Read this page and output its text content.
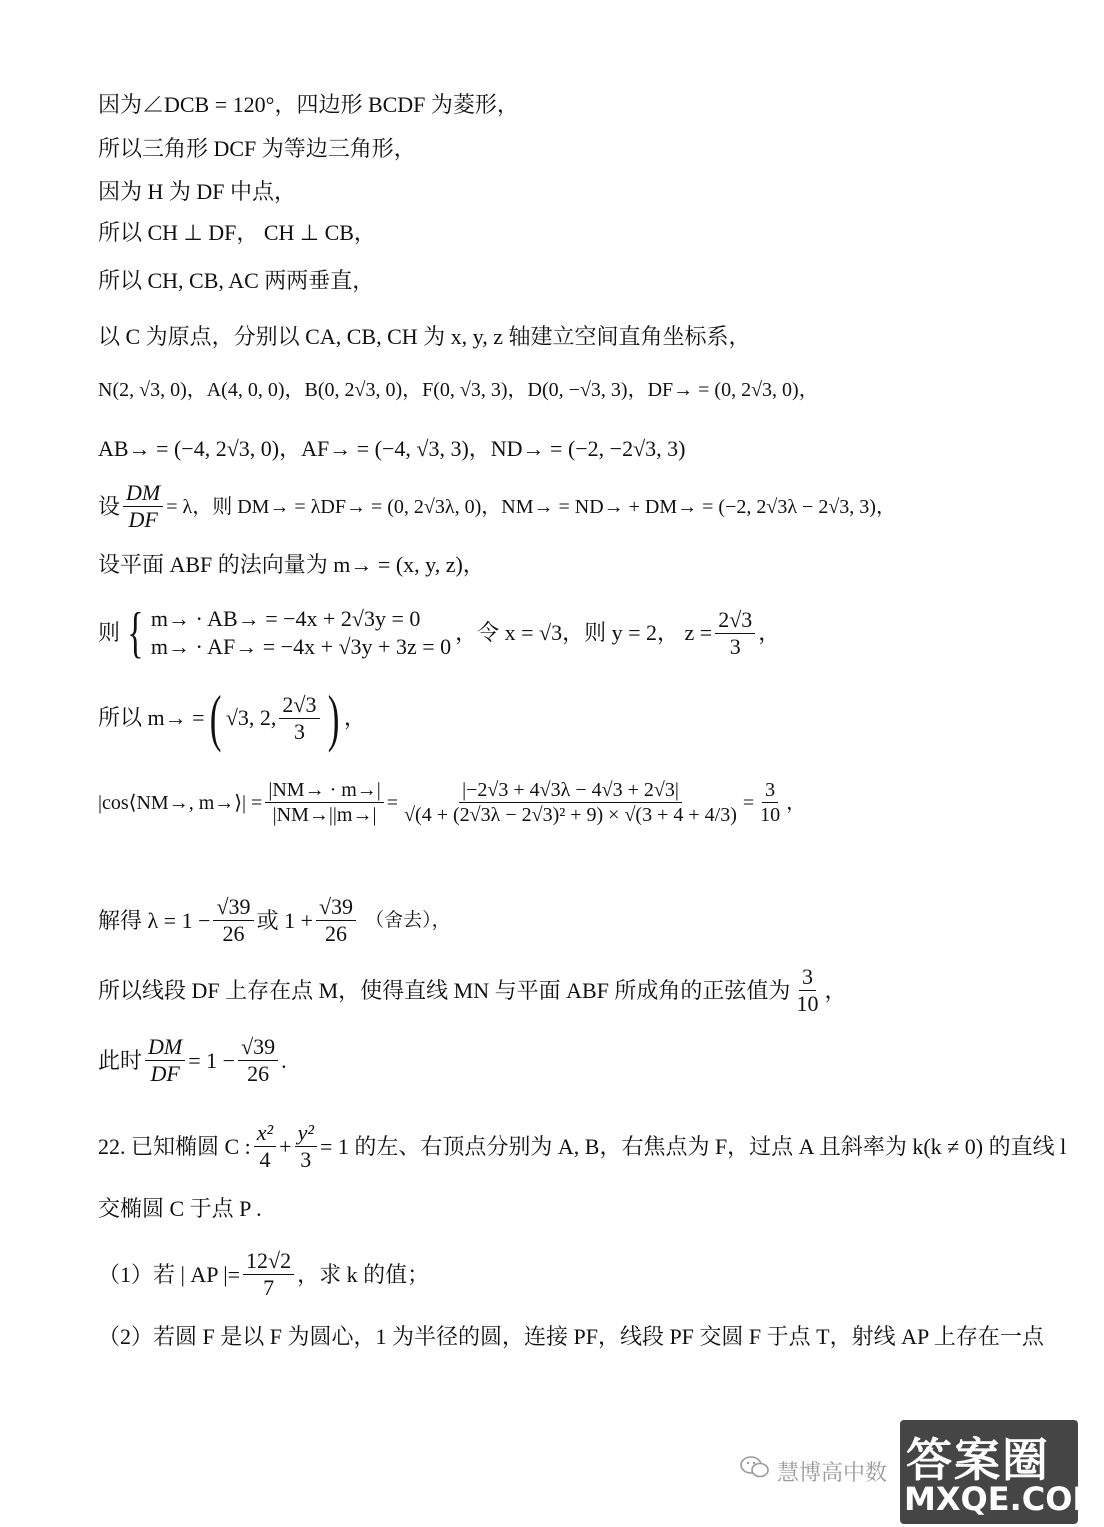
因为∠DCB = 120°，四边形 BCDF 为菱形，
所以三角形 DCF 为等边三角形，
因为 H 为 DF 中点，
所以 CH ⊥ DF， CH ⊥ CB，
所以 CH, CB, AC 两两垂直，
以 C 为原点，分别以 CA, CB, CH 为 x, y, z 轴建立空间直角坐标系，
N(2, √3, 0)，A(4, 0, 0)，B(0, 2√3, 0)，F(0, √3, 3)，D(0, −√3, 3)，DF→ = (0, 2√3, 0)，
AB→ = (−4, 2√3, 0)，AF→ = (−4, √3, 3)，ND→ = (−2, −2√3, 3)
设 $\frac{DM}{DF} = \lambda$，则 DM→ = λDF→ = (0, 2√3λ, 0)，NM→ = ND→ + DM→ = (−2, 2√3λ − 2√3, 3)，
设平面 ABF 的法向量为 m→ = (x, y, z)，
则 { m→ · AB→ = −4x + 2√3y = 0
m→ · AF→ = −4x + √3y + 3z = 0
，令 x = √3，则 y = 2， $z = \frac{2√3}{3}$ ，
所以 m→ = ( √3, 2, $\frac{2√3}{3}$ ) ，
|cos⟨NM→, m→⟩| = $\frac{|NM\to \cdot m\to|}{|NM\to||m\to|} = \frac{|-2√3 + 4√3\lambda - 4√3 + 2√3|}{\text{√(4 + (2√3λ − 2√3)² + 9) × √(3 + 4 + 4/3)}} = \frac{3}{10}$ ，
解得 $\lambda = 1 - \frac{√39}{26}$ 或 $1 + \frac{√39}{26}$ （舍去），
所以线段 DF 上存在点 M，使得直线 MN 与平面 ABF 所成角的正弦值为 $\frac{3}{10}$ ，
此时 $\frac{DM}{DF} = 1 - \frac{√39}{26}$ .
22. 已知椭圆 C : $\frac{\text{x²}}{4} + \frac{\text{y²}}{3} = 1$ 的左、右顶点分别为 A, B，右焦点为 F，过点 A 且斜率为 k(k ≠ 0) 的直线 l
交椭圆 C 于点 P .
（1）若 | AP |= $\frac{12√2}{7}$ ，求 k 的值；
（2）若圆 F 是以 F 为圆心，1 为半径的圆，连接 PF，线段 PF 交圆 F 于点 T，射线 AP 上存在一点
慧博高中数 答案圈
MXQE.COM
